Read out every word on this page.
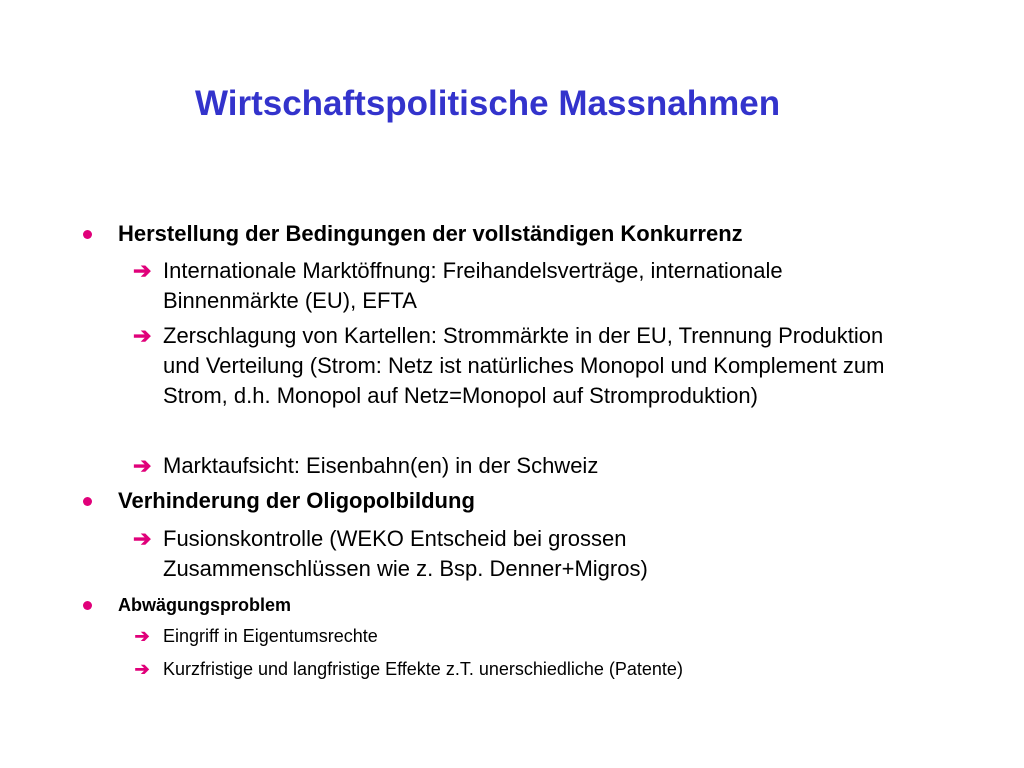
Wirtschaftspolitische Massnahmen
Herstellung der Bedingungen der vollständigen Konkurrenz
➔ Internationale Marktöffnung: Freihandelsverträge, internationale Binnenmärkte (EU), EFTA
➔ Zerschlagung von Kartellen: Strommärkte in der EU, Trennung Produktion und Verteilung (Strom: Netz ist natürliches Monopol und Komplement zum Strom, d.h. Monopol auf Netz=Monopol auf Stromproduktion)
➔ Marktaufsicht: Eisenbahn(en) in der Schweiz
Verhinderung der Oligopolbildung
➔ Fusionskontrolle (WEKO Entscheid bei grossen Zusammenschlüssen wie z. Bsp. Denner+Migros)
Abwägungsproblem
➔ Eingriff in Eigentumsrechte
➔ Kurzfristige und langfristige Effekte z.T. unerschiedliche (Patente)
